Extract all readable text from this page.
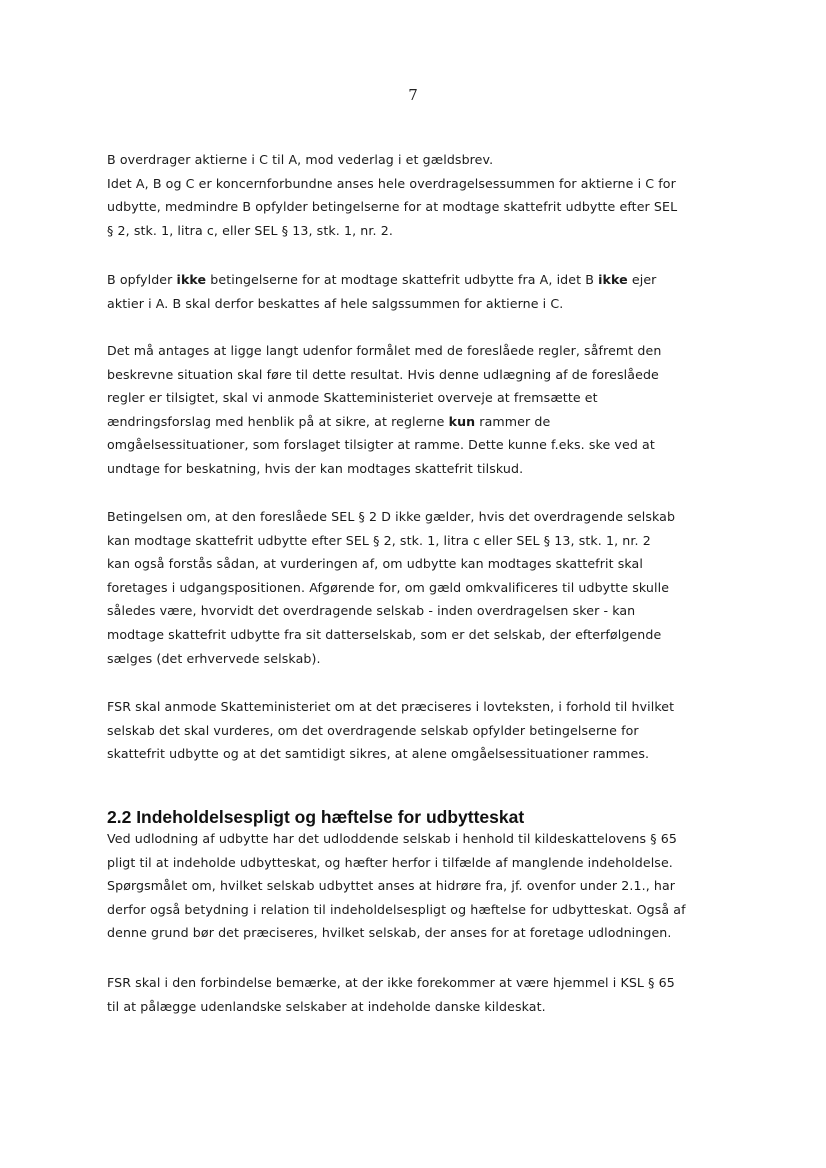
7

B overdrager aktierne i C til A, mod vederlag i et gældsbrev.
Idet A, B og C er koncernforbundne anses hele overdragelsessummen for aktierne i C for
udbytte, medmindre B opfylder betingelserne for at modtage skattefrit udbytte efter SEL
§ 2, stk. 1, litra c, eller SEL § 13, stk. 1, nr. 2.

B opfylder ikke betingelserne for at modtage skattefrit udbytte fra A, idet B ikke ejer
aktier i A. B skal derfor beskattes af hele salgssummen for aktierne i C.

Det må antages at ligge langt udenfor formålet med de foreslåede regler, såfremt den
beskrevne situation skal føre til dette resultat. Hvis denne udlægning af de foreslåede
regler er tilsigtet, skal vi anmode Skatteministeriet overveje at fremsætte et
ændringsforslag med henblik på at sikre, at reglerne kun rammer de
omgåelsessituationer, som forslaget tilsigter at ramme. Dette kunne f.eks. ske ved at
undtage for beskatning, hvis der kan modtages skattefrit tilskud.

Betingelsen om, at den foreslåede SEL § 2 D ikke gælder, hvis det overdragende selskab
kan modtage skattefrit udbytte efter SEL § 2, stk. 1, litra c eller SEL § 13, stk. 1, nr. 2
kan også forstås sådan, at vurderingen af, om udbytte kan modtages skattefrit skal
foretages i udgangspositionen. Afgørende for, om gæld omkvalificeres til udbytte skulle
således være, hvorvidt det overdragende selskab - inden overdragelsen sker - kan
modtage skattefrit udbytte fra sit datterselskab, som er det selskab, der efterfølgende
sælges (det erhvervede selskab).

FSR skal anmode Skatteministeriet om at det præciseres i lovteksten, i forhold til hvilket
selskab det skal vurderes, om det overdragende selskab opfylder betingelserne for
skattefrit udbytte og at det samtidigt sikres, at alene omgåelsessituationer rammes.

2.2 Indeholdelsespligt og hæftelse for udbytteskat

Ved udlodning af udbytte har det udloddende selskab i henhold til kildeskattelovens § 65
pligt til at indeholde udbytteskat, og hæfter herfor i tilfælde af manglende indeholdelse.
Spørgsmålet om, hvilket selskab udbyttet anses at hidrøre fra, jf. ovenfor under 2.1., har
derfor også betydning i relation til indeholdelsespligt og hæftelse for udbytteskat. Også af
denne grund bør det præciseres, hvilket selskab, der anses for at foretage udlodningen.

FSR skal i den forbindelse bemærke, at der ikke forekommer at være hjemmel i KSL § 65
til at pålægge udenlandske selskaber at indeholde danske kildeskat.
